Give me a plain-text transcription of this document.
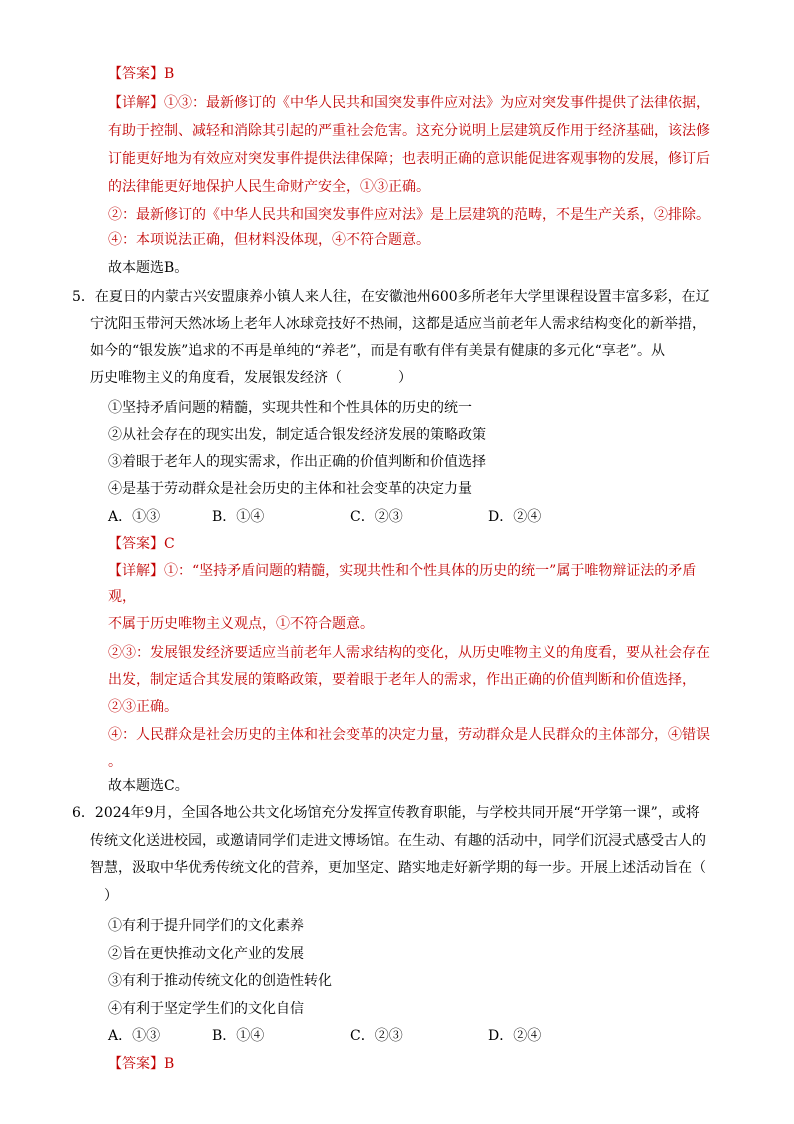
【答案】B
【详解】①③：最新修订的《中华人民共和国突发事件应对法》为应对突发事件提供了法律依据，
有助于控制、减轻和消除其引起的严重社会危害。这充分说明上层建筑反作用于经济基础，该法修
订能更好地为有效应对突发事件提供法律保障；也表明正确的意识能促进客观事物的发展，修订后
的法律能更好地保护人民生命财产安全，①③正确。
②：最新修订的《中华人民共和国突发事件应对法》是上层建筑的范畴，不是生产关系，②排除。
④：本项说法正确，但材料没体现，④不符合题意。
故本题选B。
5．在夏日的内蒙古兴安盟康养小镇人来人往，在安徽池州600多所老年大学里课程设置丰富多彩，在辽
宁沈阳玉带河天然冰场上老年人冰球竞技好不热闹，这都是适应当前老年人需求结构变化的新举措，
如今的“银发族”追求的不再是单纯的“养老”，而是有歌有伴有美景有健康的多元化“享老”。从
历史唯物主义的角度看，发展银发经济（　　　　）
①坚持矛盾问题的精髓，实现共性和个性具体的历史的统一
②从社会存在的现实出发，制定适合银发经济发展的策略政策
③着眼于老年人的现实需求，作出正确的价值判断和价值选择
④是基于劳动群众是社会历史的主体和社会变革的决定力量
A．①③	B．①④	C．②③	D．②④
【答案】C
【详解】①：“坚持矛盾问题的精髓，实现共性和个性具体的历史的统一”属于唯物辩证法的矛盾
观，
不属于历史唯物主义观点，①不符合题意。
②③：发展银发经济要适应当前老年人需求结构的变化，从历史唯物主义的角度看，要从社会存在
出发，制定适合其发展的策略政策，要着眼于老年人的需求，作出正确的价值判断和价值选择，
②③正确。
④：人民群众是社会历史的主体和社会变革的决定力量，劳动群众是人民群众的主体部分，④错误
。
故本题选C。
6．2024年9月，全国各地公共文化场馆充分发挥宣传教育职能，与学校共同开展“开学第一课”，或将
传统文化送进校园，或邀请同学们走进文博场馆。在生动、有趣的活动中，同学们沉浸式感受古人的
智慧，汲取中华优秀传统文化的营养，更加坚定、踏实地走好新学期的每一步。开展上述活动旨在（
　）
①有利于提升同学们的文化素养
②旨在更快推动文化产业的发展
③有利于推动传统文化的创造性转化
④有利于坚定学生们的文化自信
A．①③	B．①④	C．②③	D．②④
【答案】B
